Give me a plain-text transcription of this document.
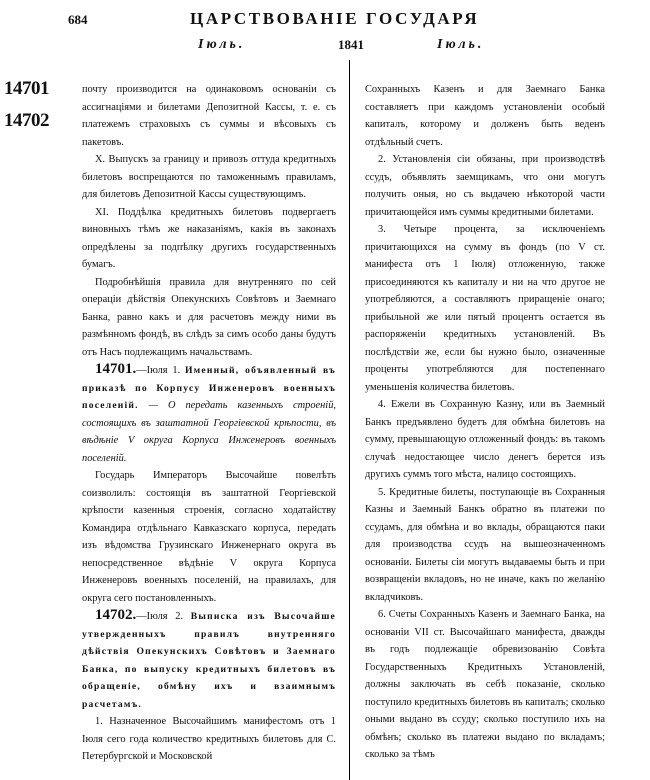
684	ЦАРСТВОВАНІЕ ГОСУДАРЯ
Іюль.	1841	Іюль.
14701
14702

почту производится на одинаковомъ основаніи съ ассигнаціями и билетами Депозитной Кассы, т. е. съ платежемъ страховыхъ съ суммы и вѣсовыхъ съ пакетовъ.

X. Выпускъ за границу и привозъ оттуда кредитныхъ билетовъ воспрещаются по таможеннымъ правиламъ, для билетовъ Депозитной Кассы существующимъ.

XI. Поддѣлка кредитныхъ билетовъ подвергаетъ виновныхъ тѣмъ же наказаніямъ, какія въ законахъ опредѣлены за подпѣлку другихъ государственныхъ бумагъ.

Подробнѣйшія правила для внутренняго по сей операціи дѣйствія Опекунскихъ Совѣтовъ и Заемнаго Банка, равно какъ и для расчетовъ между ними въ размѣнномъ фондѣ, въ слѣдъ за симъ особо даны будутъ отъ Насъ подлежащимъ начальствамъ.

14701.—Іюля 1. Именный, объявленный въ приказѣ по Корпусу Инженеровъ военныхъ поселеній. — О передать казенныхъ строеній, состоящихъ въ заштатной Георгіевской крѣпости, въ вѣдѣніе V округа Корпуса Инженеровъ военныхъ поселеній.

Государь Императоръ Высочайше повелѣть соизволилъ: состоящія въ заштатной Георгіевской крѣпости казенныя строенія, согласно ходатайству Командира отдѣльнаго Кавказскаго корпуса, передать изъ вѣдомства Грузинскаго Инженернаго округа въ непосредственное вѣдѣніе V округа Корпуса Инженеровъ военныхъ поселеній, на правилахъ, для округа сего постановленныхъ.

14702.—Іюля 2. Выписка изъ Высочайше утвержденныхъ правилъ внутренняго дѣйствія Опекунскихъ Совѣтовъ и Заемнаго Банка, по выпуску кредитныхъ билетовъ въ обращеніе, обмѣну ихъ и взаимнымъ расчетамъ.

1. Назначенное Высочайшимъ манифестомъ отъ 1 Іюля сего года количество кредитныхъ билетовъ для С. Петербургской и Московской

Сохранныхъ Казенъ и для Заемнаго Банка составляетъ при каждомъ установленіи особый капиталъ, которому и долженъ быть веденъ отдѣльный счетъ.

2. Установленія сіи обязаны, при производствѣ ссудъ, объявлять заемщикамъ, что они могутъ получить оныя, но съ выдачею нѣкоторой части причитающейся имъ суммы кредитными билетами.

3. Четыре процента, за исключеніемъ причитающихся на сумму въ фондъ (по V ст. манифеста отъ 1 Іюля) отложенную, также присоединяются къ капиталу и ни на что другое не употребляются, а составляютъ приращеніе онаго; прибыльной же или пятый процентъ остается въ распоряженіи кредитныхъ установленій. Въ послѣдствіи же, если бы нужно было, означенные проценты употребляются для постепеннаго уменьшенія количества билетовъ.

4. Ежели въ Сохранную Казну, или въ Заемный Банкъ предъявлено будетъ для обмѣна билетовъ на сумму, превышающую отложенный фондъ: въ такомъ случаѣ недостающее число денегъ берется изъ другихъ суммъ того мѣста, налицо состоящихъ.

5. Кредитные билеты, поступающіе въ Сохранныя Казны и Заемный Банкъ обратно въ платежи по ссудамъ, для обмѣна и во вклады, обращаются паки для производства ссудъ на вышеозначенномъ основаніи. Билеты сіи могутъ выдаваемы быть и при возвращеніи вкладовъ, но не иначе, какъ по желанію вкладчиковъ.

6. Счеты Сохранныхъ Казенъ и Заемнаго Банка, на основаніи VII ст. Высочайшаго манифеста, дважды въ годъ подлежащіе обревизованію Совѣта Государственныхъ Кредитныхъ Установленій, должны заключать въ себѣ показаніе, сколько поступило кредитныхъ билетовъ въ капиталъ; сколько оными выдано въ ссуду; сколько поступило ихъ на обмѣнъ; сколько въ платежи выдано по вкладамъ; сколько за тѣмъ
